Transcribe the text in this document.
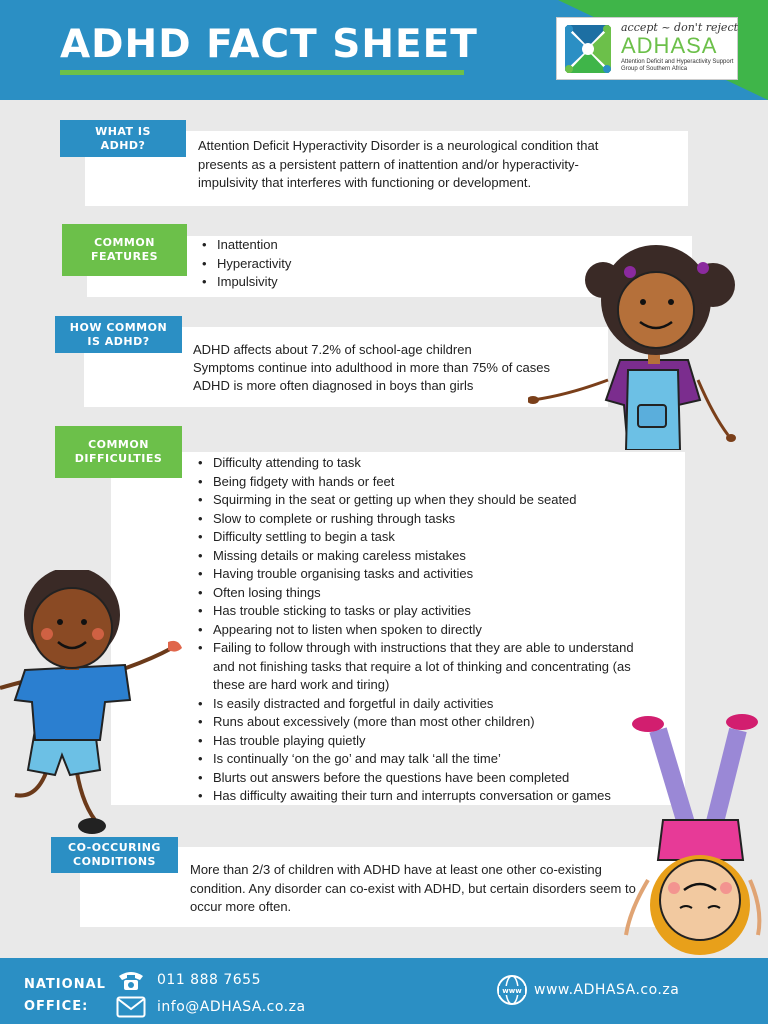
ADHD FACT SHEET	accept ~ don't reject
ADHASA
Attention Deficit and Hyperactivity Support Group of Southern Africa

Attention Deficit Hyperactivity Disorder is a neurological condition that presents as a persistent pattern of inattention and/or hyperactivity-impulsivity that interferes with functioning or development.

WHAT IS ADHD?
• Inattention
• Hyperactivity
• Impulsivity
COMMON FEATURES

ADHD affects about 7.2% of school-age children

Symptoms continue into adulthood in more than 75% of cases

ADHD is more often diagnosed in boys than girls

HOW COMMON IS ADHD?
• Difficulty attending to task
• Being fidgety with hands or feet
• Squirming in the seat or getting up when they should be seated
• Slow to complete or rushing through tasks
• Difficulty settling to begin a task
• Missing details or making careless mistakes
• Having trouble organising tasks and activities
• Often losing things
• Has trouble sticking to tasks or play activities
• Appearing not to listen when spoken to directly
• Failing to follow through with instructions that they are able to understand and not finishing tasks that require a lot of thinking and concentrating (as these are hard work and tiring)
• Is easily distracted and forgetful in daily activities
• Runs about excessively (more than most other children)
• Has trouble playing quietly
• Is continually ‘on the go’ and may talk ‘all the time’
• Blurts out answers before the questions have been completed
• Has difficulty awaiting their turn and interrupts conversation or games
COMMON DIFFICULTIES

More than 2/3 of children with ADHD have at least one other co-existing condition. Any disorder can co-exist with ADHD, but certain disorders seem to occur more often.

CO-OCCURING CONDITIONS
NATIONAL OFFICE:
011 888 7655
info@ADHASA.co.za
www www.ADHASA.co.za
